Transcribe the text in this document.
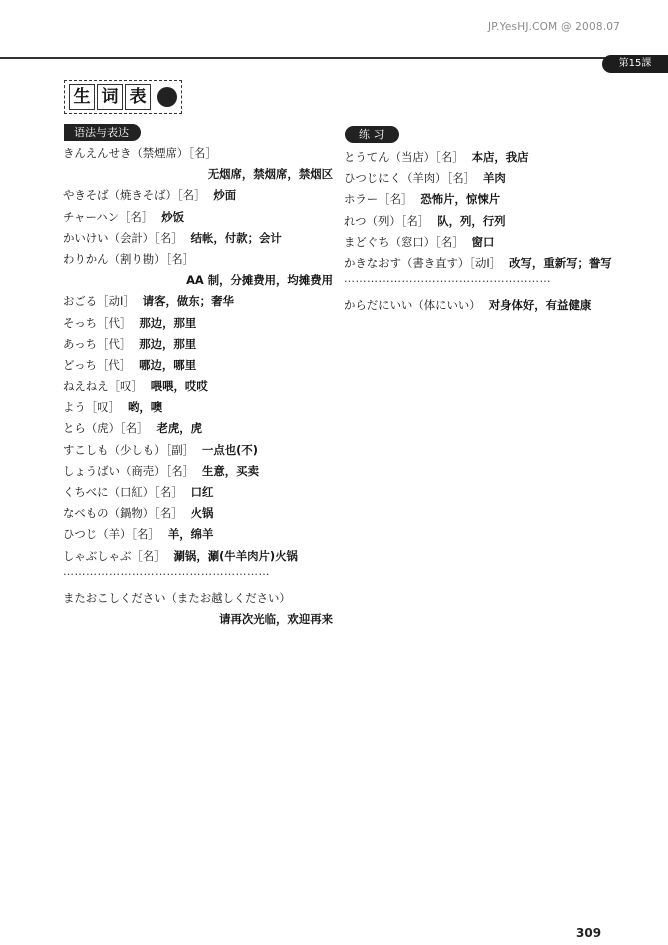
JP.YesHJ.COM @ 2008.07
第15課
生 词 表
语法与表达
きんえんせき（禁煙席）［名］
无烟席，禁烟席，禁烟区
やきそば（焼きそば）［名］ 炒面
チャーハン［名］ 炒饭
かいけい（会計）［名］ 结帐，付款；会计
わりかん（割り勘）［名］
AA 制，分摊费用，均摊费用
おごる［动Ⅰ］ 请客，做东；奢华
そっち［代］ 那边，那里
あっち［代］ 那边，那里
どっち［代］ 哪边，哪里
ねえねえ［叹］ 喂喂，哎哎
よう［叹］ 哟，噢
とら（虎）［名］ 老虎，虎
すこしも（少しも）［副］ 一点也(不)
しょうばい（商売）［名］ 生意，买卖
くちべに（口紅）［名］ 口红
なべもの（鍋物）［名］ 火锅
ひつじ（羊）［名］ 羊，绵羊
しゃぶしゃぶ［名］ 涮锅，涮(牛羊肉片)火锅
………………………………………………
またおこしください（またお越しください）
请再次光临，欢迎再来
练 习
とうてん（当店）［名］ 本店，我店
ひつじにく（羊肉）［名］ 羊肉
ホラー［名］ 恐怖片，惊悚片
れつ（列）［名］ 队，列，行列
まどぐち（窓口）［名］ 窗口
かきなおす（書き直す）［动Ⅰ］ 改写，重新写；誊写
………………………………………………
からだにいい（体にいい） 对身体好，有益健康
309
